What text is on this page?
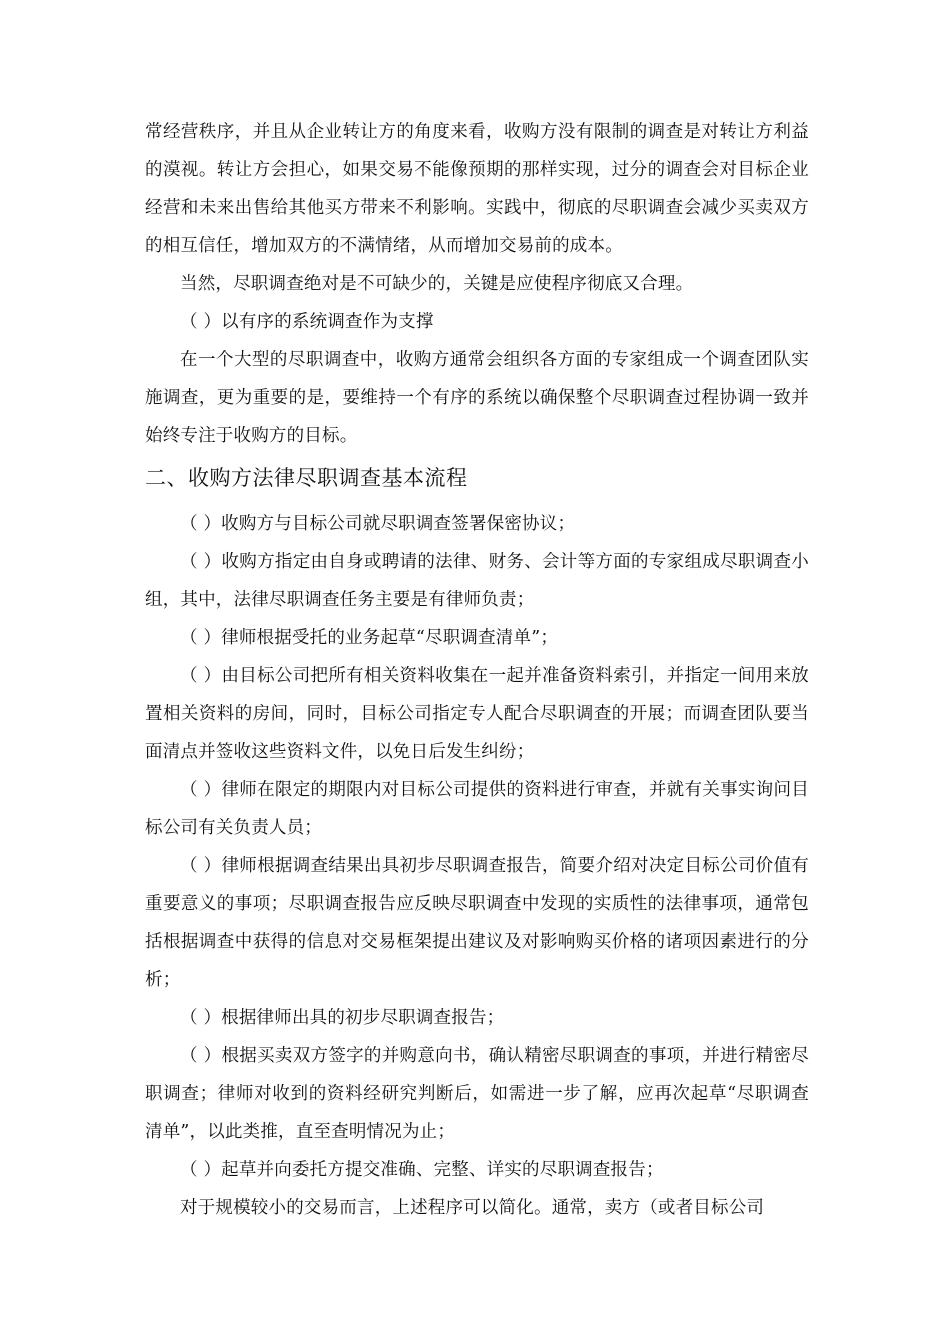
常经营秩序，并且从企业转让方的角度来看，收购方没有限制的调查是对转让方利益的漠视。转让方会担心，如果交易不能像预期的那样实现，过分的调查会对目标企业经营和未来出售给其他买方带来不利影响。实践中，彻底的尽职调查会减少买卖双方的相互信任，增加双方的不满情绪，从而增加交易前的成本。

当然，尽职调查绝对是不可缺少的，关键是应使程序彻底又合理。

（ ）以有序的系统调查作为支撑

在一个大型的尽职调查中，收购方通常会组织各方面的专家组成一个调查团队实施调查，更为重要的是，要维持一个有序的系统以确保整个尽职调查过程协调一致并始终专注于收购方的目标。

二、收购方法律尽职调查基本流程

（ ）收购方与目标公司就尽职调查签署保密协议；

（ ）收购方指定由自身或聘请的法律、财务、会计等方面的专家组成尽职调查小组，其中，法律尽职调查任务主要是有律师负责；

（ ）律师根据受托的业务起草“尽职调查清单”；

（ ）由目标公司把所有相关资料收集在一起并准备资料索引，并指定一间用来放置相关资料的房间，同时，目标公司指定专人配合尽职调查的开展；而调查团队要当面清点并签收这些资料文件，以免日后发生纠纷；

（ ）律师在限定的期限内对目标公司提供的资料进行审查，并就有关事实询问目标公司有关负责人员；

（ ）律师根据调查结果出具初步尽职调查报告，简要介绍对决定目标公司价值有重要意义的事项；尽职调查报告应反映尽职调查中发现的实质性的法律事项，通常包括根据调查中获得的信息对交易框架提出建议及对影响购买价格的诸项因素进行的分析；

（ ）根据律师出具的初步尽职调查报告；

（ ）根据买卖双方签字的并购意向书，确认精密尽职调查的事项，并进行精密尽职调查；律师对收到的资料经研究判断后，如需进一步了解，应再次起草“尽职调查清单”，以此类推，直至查明情况为止；

（ ）起草并向委托方提交准确、完整、详实的尽职调查报告；

对于规模较小的交易而言，上述程序可以简化。通常，卖方（或者目标公司
